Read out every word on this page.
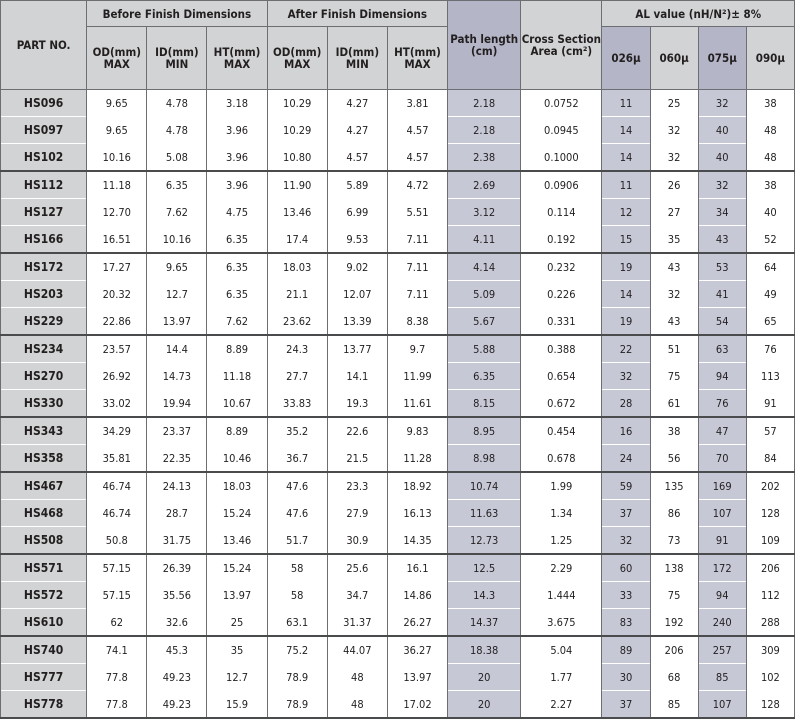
PART NO.	Before Finish Dimensions			After Finish Dimensions			Path length (cm)	Cross Section Area (cm²)	AL value (nH/N²)± 8%			
	OD(mm) MAX	ID(mm) MIN	HT(mm) MAX	OD(mm) MAX	ID(mm) MIN	HT(mm) MAX			026μ	060μ	075μ	090μ
HS096	9.65	4.78	3.18	10.29	4.27	3.81	2.18	0.0752	11	25	32	38
HS097	9.65	4.78	3.96	10.29	4.27	4.57	2.18	0.0945	14	32	40	48
HS102	10.16	5.08	3.96	10.80	4.57	4.57	2.38	0.1000	14	32	40	48
HS112	11.18	6.35	3.96	11.90	5.89	4.72	2.69	0.0906	11	26	32	38
HS127	12.70	7.62	4.75	13.46	6.99	5.51	3.12	0.114	12	27	34	40
HS166	16.51	10.16	6.35	17.4	9.53	7.11	4.11	0.192	15	35	43	52
HS172	17.27	9.65	6.35	18.03	9.02	7.11	4.14	0.232	19	43	53	64
HS203	20.32	12.7	6.35	21.1	12.07	7.11	5.09	0.226	14	32	41	49
HS229	22.86	13.97	7.62	23.62	13.39	8.38	5.67	0.331	19	43	54	65
HS234	23.57	14.4	8.89	24.3	13.77	9.7	5.88	0.388	22	51	63	76
HS270	26.92	14.73	11.18	27.7	14.1	11.99	6.35	0.654	32	75	94	113
HS330	33.02	19.94	10.67	33.83	19.3	11.61	8.15	0.672	28	61	76	91
HS343	34.29	23.37	8.89	35.2	22.6	9.83	8.95	0.454	16	38	47	57
HS358	35.81	22.35	10.46	36.7	21.5	11.28	8.98	0.678	24	56	70	84
HS467	46.74	24.13	18.03	47.6	23.3	18.92	10.74	1.99	59	135	169	202
HS468	46.74	28.7	15.24	47.6	27.9	16.13	11.63	1.34	37	86	107	128
HS508	50.8	31.75	13.46	51.7	30.9	14.35	12.73	1.25	32	73	91	109
HS571	57.15	26.39	15.24	58	25.6	16.1	12.5	2.29	60	138	172	206
HS572	57.15	35.56	13.97	58	34.7	14.86	14.3	1.444	33	75	94	112
HS610	62	32.6	25	63.1	31.37	26.27	14.37	3.675	83	192	240	288
HS740	74.1	45.3	35	75.2	44.07	36.27	18.38	5.04	89	206	257	309
HS777	77.8	49.23	12.7	78.9	48	13.97	20	1.77	30	68	85	102
HS778	77.8	49.23	15.9	78.9	48	17.02	20	2.27	37	85	107	128
